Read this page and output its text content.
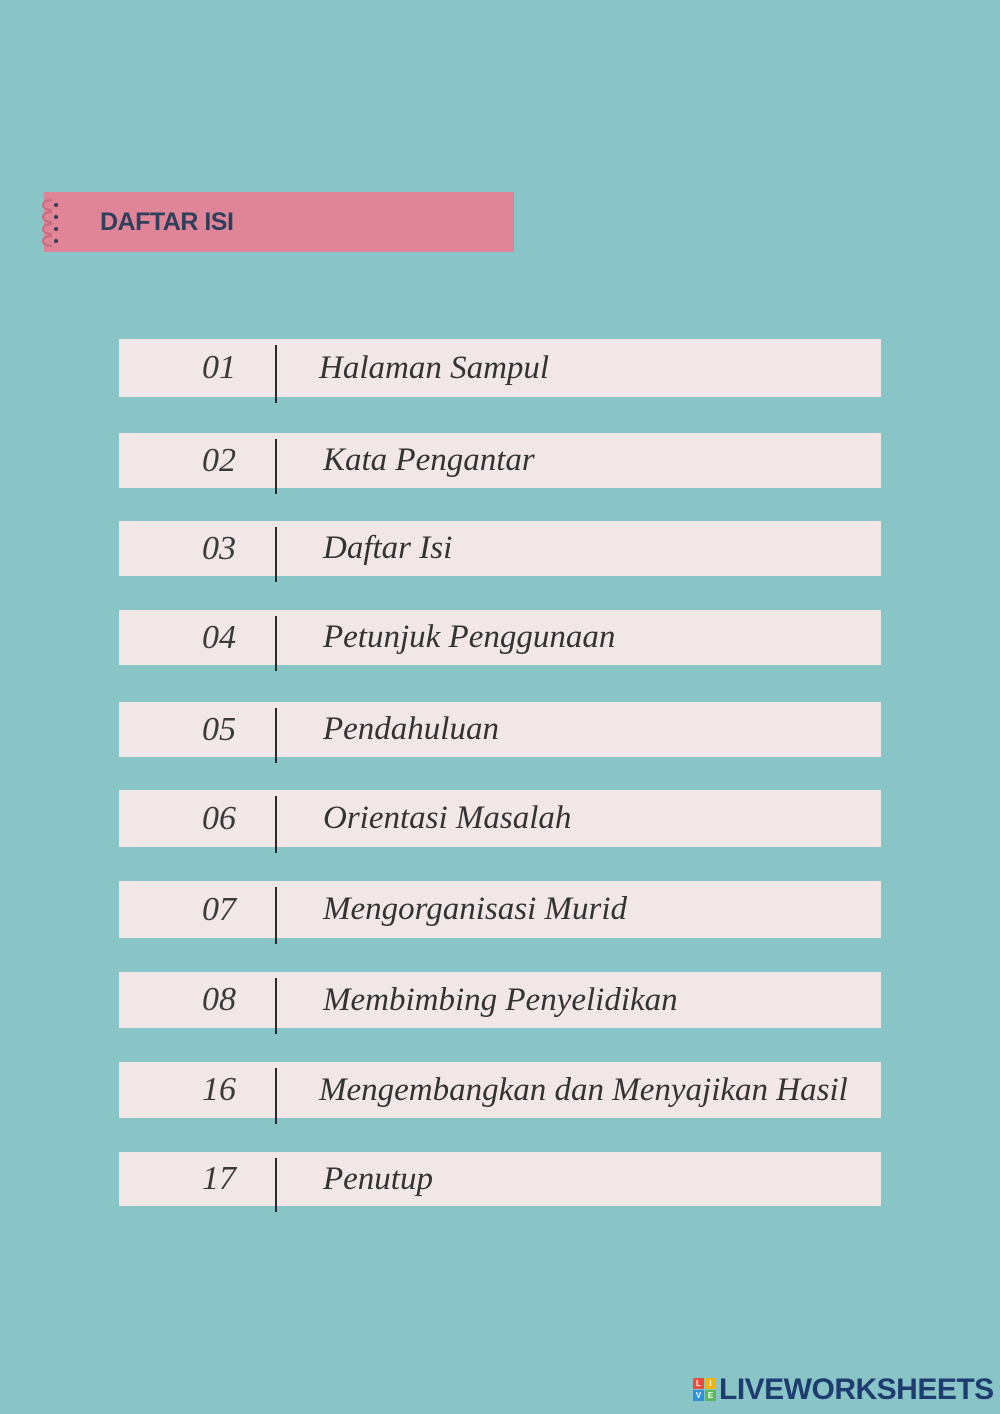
DAFTAR ISI
01	Halaman Sampul
02	Kata Pengantar
03	Daftar Isi
04	Petunjuk Penggunaan
05	Pendahuluan
06	Orientasi Masalah
07	Mengorganisasi Murid
08	Membimbing Penyelidikan
16	Mengembangkan dan Menyajikan Hasil
17	Penutup
L	I
V E LIVEWORKSHEETS
